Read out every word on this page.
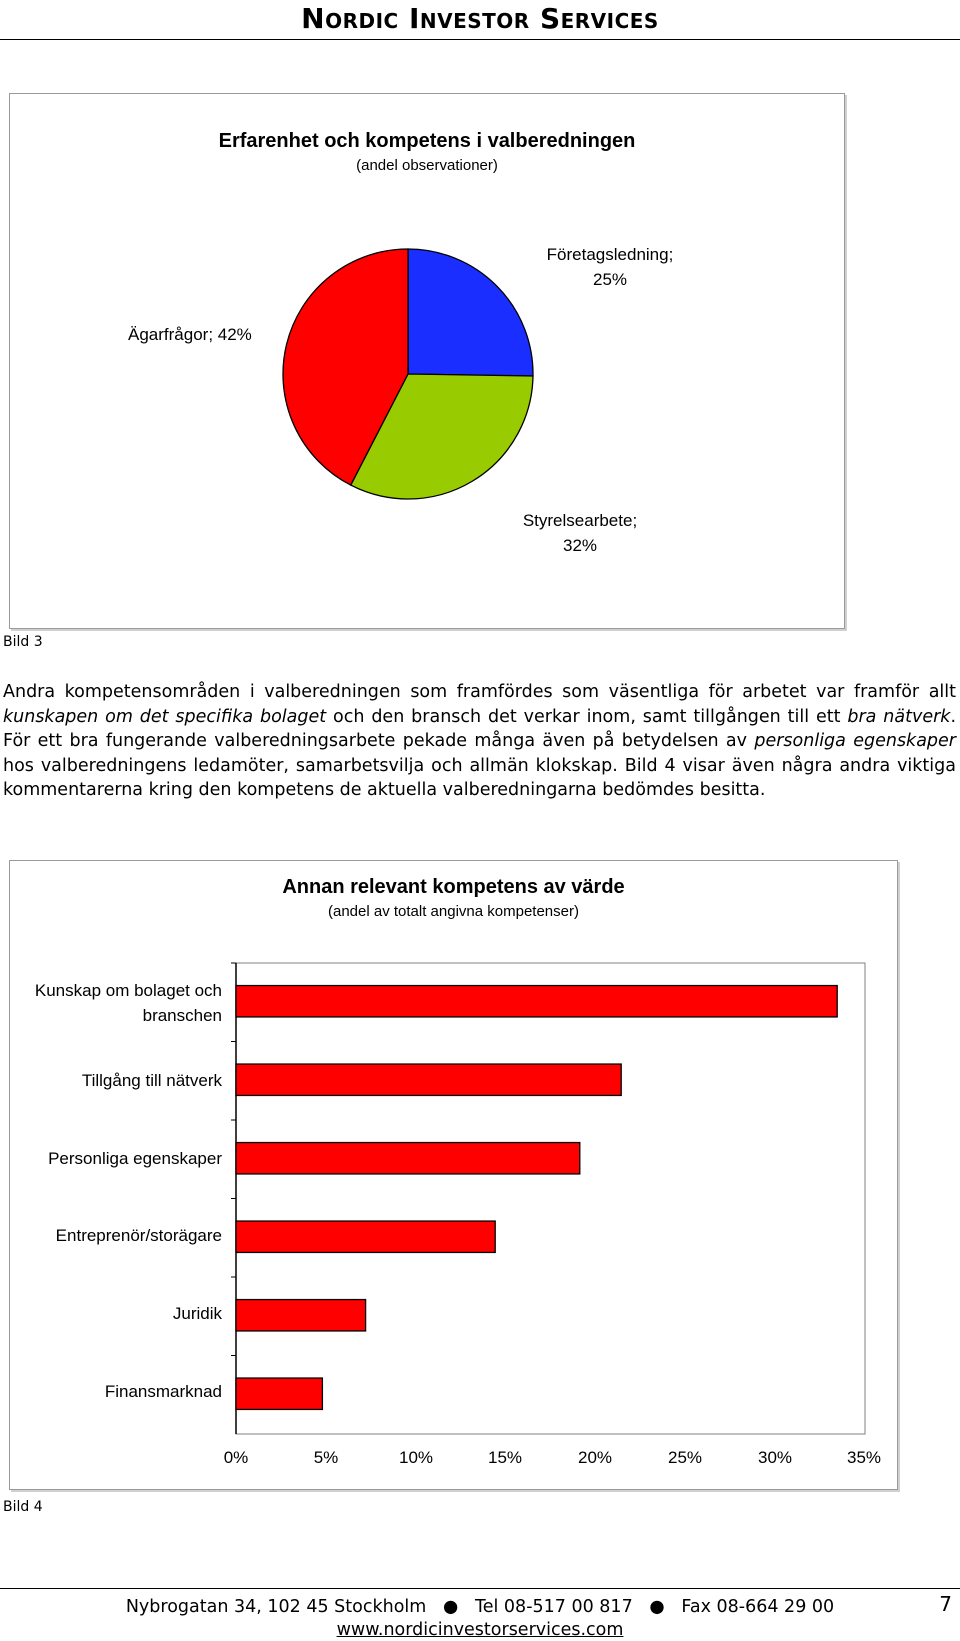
Nordic Investor Services
Erfarenhet och kompetens i valberedningen
(andel observationer)
Företagsledning; 25%
Styrelsearbete; 32%
Ägarfrågor; 42%
Bild 3
Andra kompetensområden i valberedningen som framfördes som väsentliga för arbetet var framför allt kunskapen om det specifika bolaget och den bransch det verkar inom, samt tillgången till ett bra nätverk. För ett bra fungerande valberedningsarbete pekade många även på betydelsen av personliga egenskaper hos valberedningens ledamöter, samarbetsvilja och allmän klokskap. Bild 4 visar även några andra viktiga kommentarerna kring den kompetens de aktuella valberedningarna bedömdes besitta.
Annan relevant kompetens av värde
(andel av totalt angivna kompetenser)
Kunskap om bolaget och branschen
Tillgång till nätverk
Personliga egenskaper
Entreprenör/storägare
Juridik
Finansmarknad
0%	5%	10%	15%	20%	25%	30%	35%
Bild 4
Nybrogatan 34, 102 45 Stockholm ● Tel 08-517 00 817 ● Fax 08-664 29 00
www.nordicinvestorservices.com
7
